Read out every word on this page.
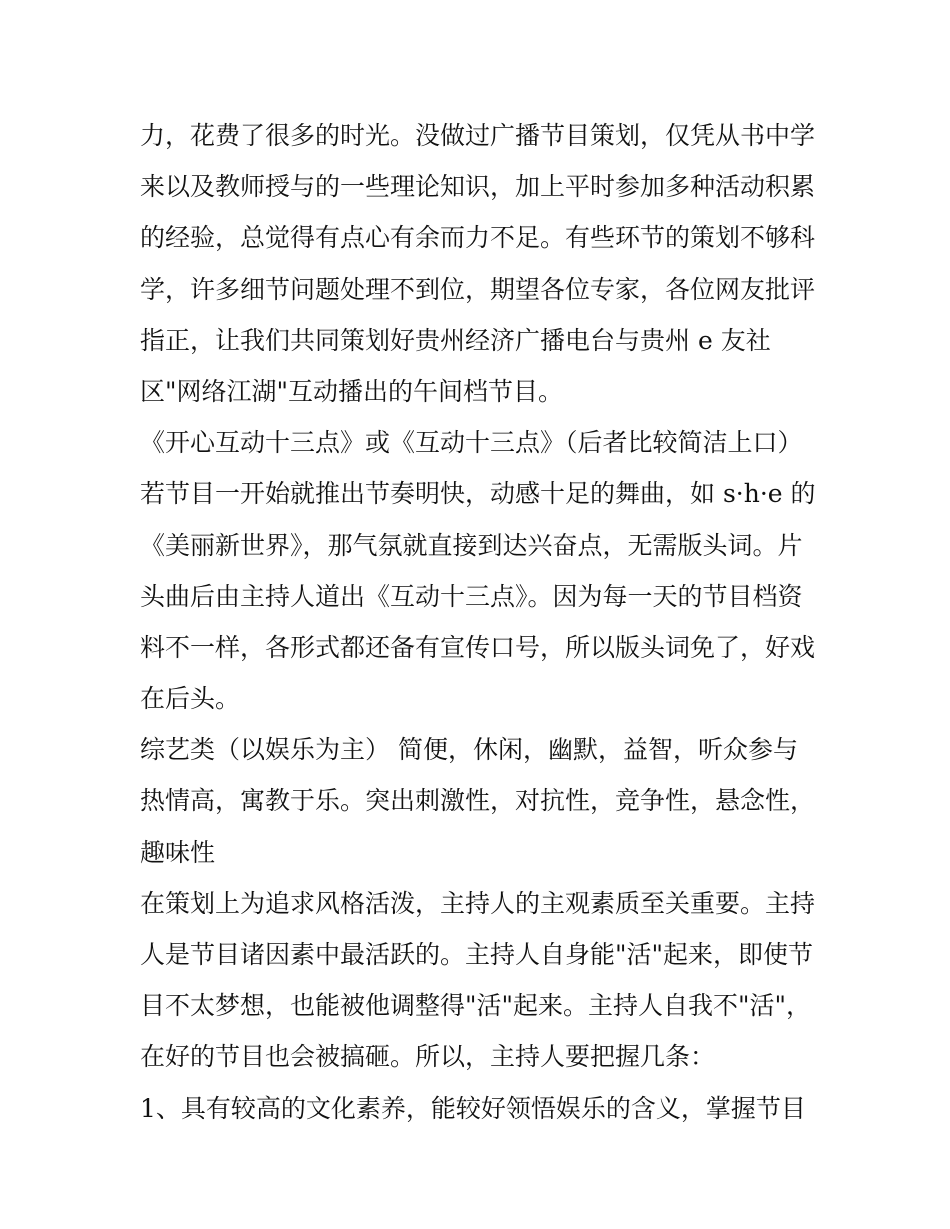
力，花费了很多的时光。没做过广播节目策划，仅凭从书中学
来以及教师授与的一些理论知识，加上平时参加多种活动积累
的经验，总觉得有点心有余而力不足。有些环节的策划不够科
学，许多细节问题处理不到位，期望各位专家，各位网友批评
指正，让我们共同策划好贵州经济广播电台与贵州 e 友社
区"网络江湖"互动播出的午间档节目。
《开心互动十三点》或《互动十三点》（后者比较简洁上口）
若节目一开始就推出节奏明快，动感十足的舞曲，如 s·h·e 的
《美丽新世界》，那气氛就直接到达兴奋点，无需版头词。片
头曲后由主持人道出《互动十三点》。因为每一天的节目档资
料不一样，各形式都还备有宣传口号，所以版头词免了，好戏
在后头。
综艺类（以娱乐为主） 简便，休闲，幽默，益智，听众参与
热情高，寓教于乐。突出刺激性，对抗性，竞争性，悬念性，
趣味性
在策划上为追求风格活泼，主持人的主观素质至关重要。主持
人是节目诸因素中最活跃的。主持人自身能"活"起来，即使节
目不太梦想，也能被他调整得"活"起来。主持人自我不"活"，
在好的节目也会被搞砸。所以，主持人要把握几条：
1、具有较高的文化素养，能较好领悟娱乐的含义，掌握节目
